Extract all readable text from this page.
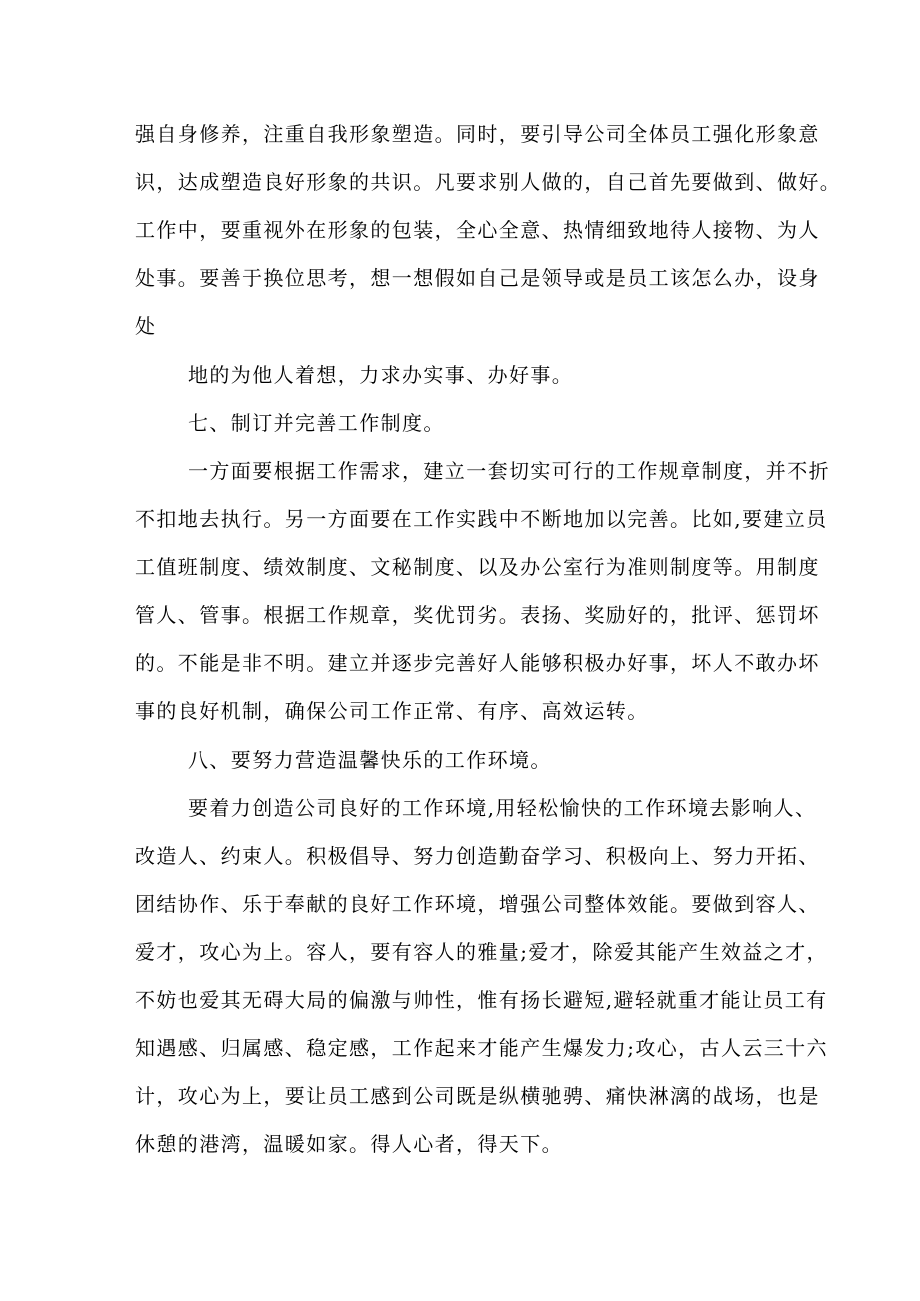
强自身修养，注重自我形象塑造。同时，要引导公司全体员工强化形象意
识，达成塑造良好形象的共识。凡要求别人做的，自己首先要做到、做好。
工作中，要重视外在形象的包装，全心全意、热情细致地待人接物、为人
处事。要善于换位思考，想一想假如自己是领导或是员工该怎么办，设身
处
地的为他人着想，力求办实事、办好事。
七、制订并完善工作制度。
一方面要根据工作需求，建立一套切实可行的工作规章制度，并不折
不扣地去执行。另一方面要在工作实践中不断地加以完善。比如,要建立员
工值班制度、绩效制度、文秘制度、以及办公室行为准则制度等。用制度
管人、管事。根据工作规章，奖优罚劣。表扬、奖励好的，批评、惩罚坏
的。不能是非不明。建立并逐步完善好人能够积极办好事，坏人不敢办坏
事的良好机制，确保公司工作正常、有序、高效运转。
八、要努力营造温馨快乐的工作环境。
要着力创造公司良好的工作环境,用轻松愉快的工作环境去影响人、
改造人、约束人。积极倡导、努力创造勤奋学习、积极向上、努力开拓、
团结协作、乐于奉献的良好工作环境，增强公司整体效能。要做到容人、
爱才，攻心为上。容人，要有容人的雅量;爱才，除爱其能产生效益之才，
不妨也爱其无碍大局的偏激与帅性，惟有扬长避短,避轻就重才能让员工有
知遇感、归属感、稳定感，工作起来才能产生爆发力;攻心，古人云三十六
计，攻心为上，要让员工感到公司既是纵横驰骋、痛快淋漓的战场，也是
休憩的港湾，温暖如家。得人心者，得天下。
